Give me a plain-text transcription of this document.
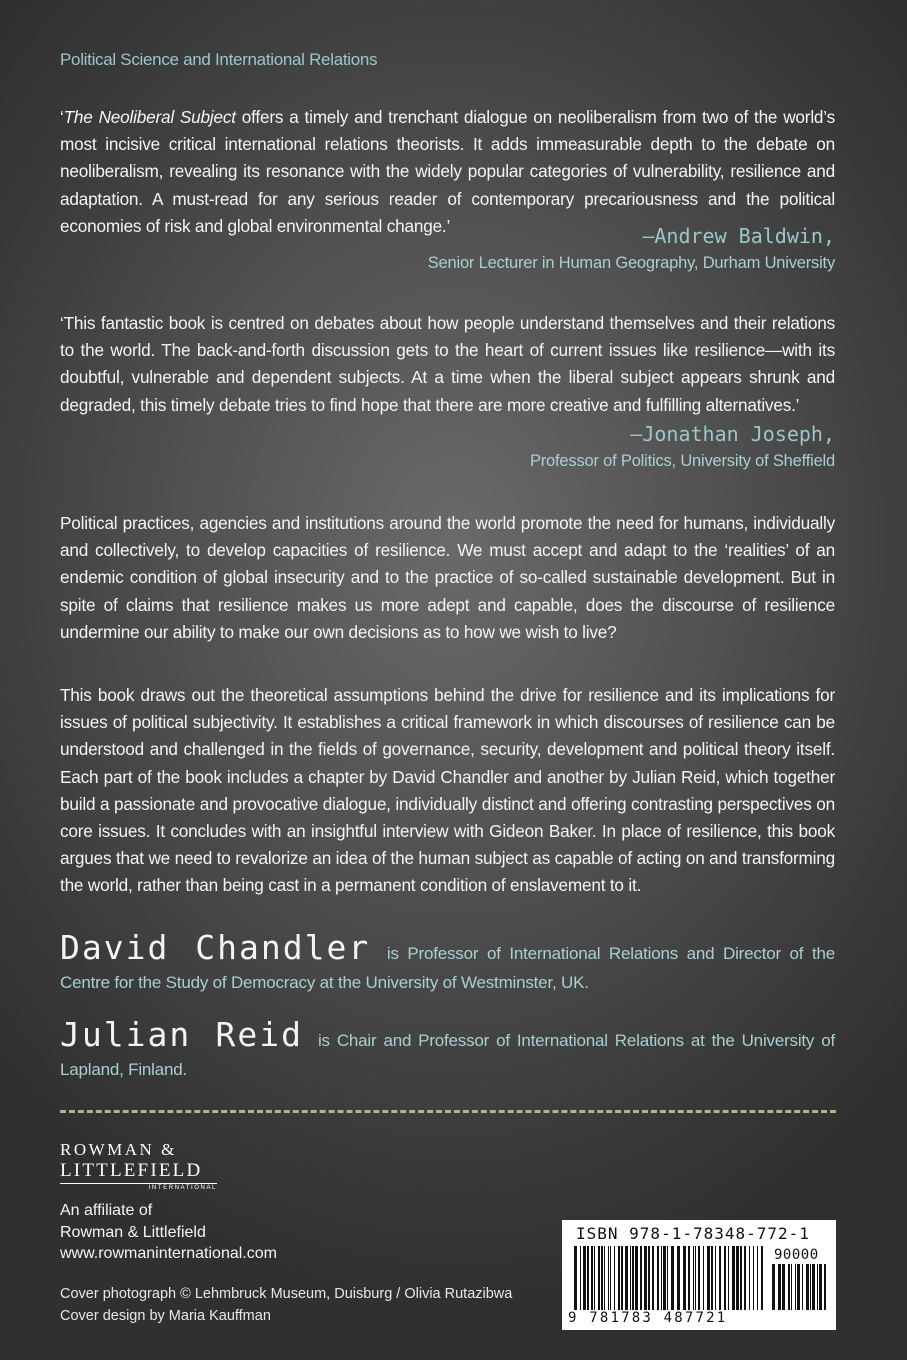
Political Science and International Relations

‘The Neoliberal Subject offers a timely and trenchant dialogue on neoliberalism from two of the world’s most incisive critical international relations theorists. It adds immeasurable depth to the debate on neoliberalism, revealing its resonance with the widely popular categories of vulnerability, resilience and adaptation. A must-read for any serious reader of contemporary precariousness and the political economies of risk and global environmental change.’	—Andrew Baldwin,
Senior Lecturer in Human Geography, Durham University

‘This fantastic book is centred on debates about how people understand themselves and their relations to the world. The back-and-forth discussion gets to the heart of current issues like resilience—with its doubtful, vulnerable and dependent subjects. At a time when the liberal subject appears shrunk and degraded, this timely debate tries to find hope that there are more creative and fulfilling alternatives.’

—Jonathan Joseph,
Professor of Politics, University of Sheffield

Political practices, agencies and institutions around the world promote the need for humans, individually and collectively, to develop capacities of resilience. We must accept and adapt to the ‘realities’ of an endemic condition of global insecurity and to the practice of so-called sustainable development. But in spite of claims that resilience makes us more adept and capable, does the discourse of resilience undermine our ability to make our own decisions as to how we wish to live?

This book draws out the theoretical assumptions behind the drive for resilience and its implications for issues of political subjectivity. It establishes a critical framework in which discourses of resilience can be understood and challenged in the fields of governance, security, development and political theory itself. Each part of the book includes a chapter by David Chandler and another by Julian Reid, which together build a passionate and provocative dialogue, individually distinct and offering contrasting perspectives on core issues. It concludes with an insightful interview with Gideon Baker. In place of resilience, this book argues that we need to revalorize an idea of the human subject as capable of acting on and transforming the world, rather than being cast in a permanent condition of enslavement to it.

David Chandler is Professor of International Relations and Director of the Centre for the Study of Democracy at the University of Westminster, UK.

Julian Reid is Chair and Professor of International Relations at the University of Lapland, Finland.

ROWMAN &
LITTLEFIELD
INTERNATIONAL
An affiliate of
Rowman & Littlefield
www.rowmaninternational.com
Cover photograph © Lehmbruck Museum, Duisburg / Olivia Rutazibwa
Cover design by Maria Kauffman
ISBN 978-1-78348-772-1
90000
9 781783 487721
